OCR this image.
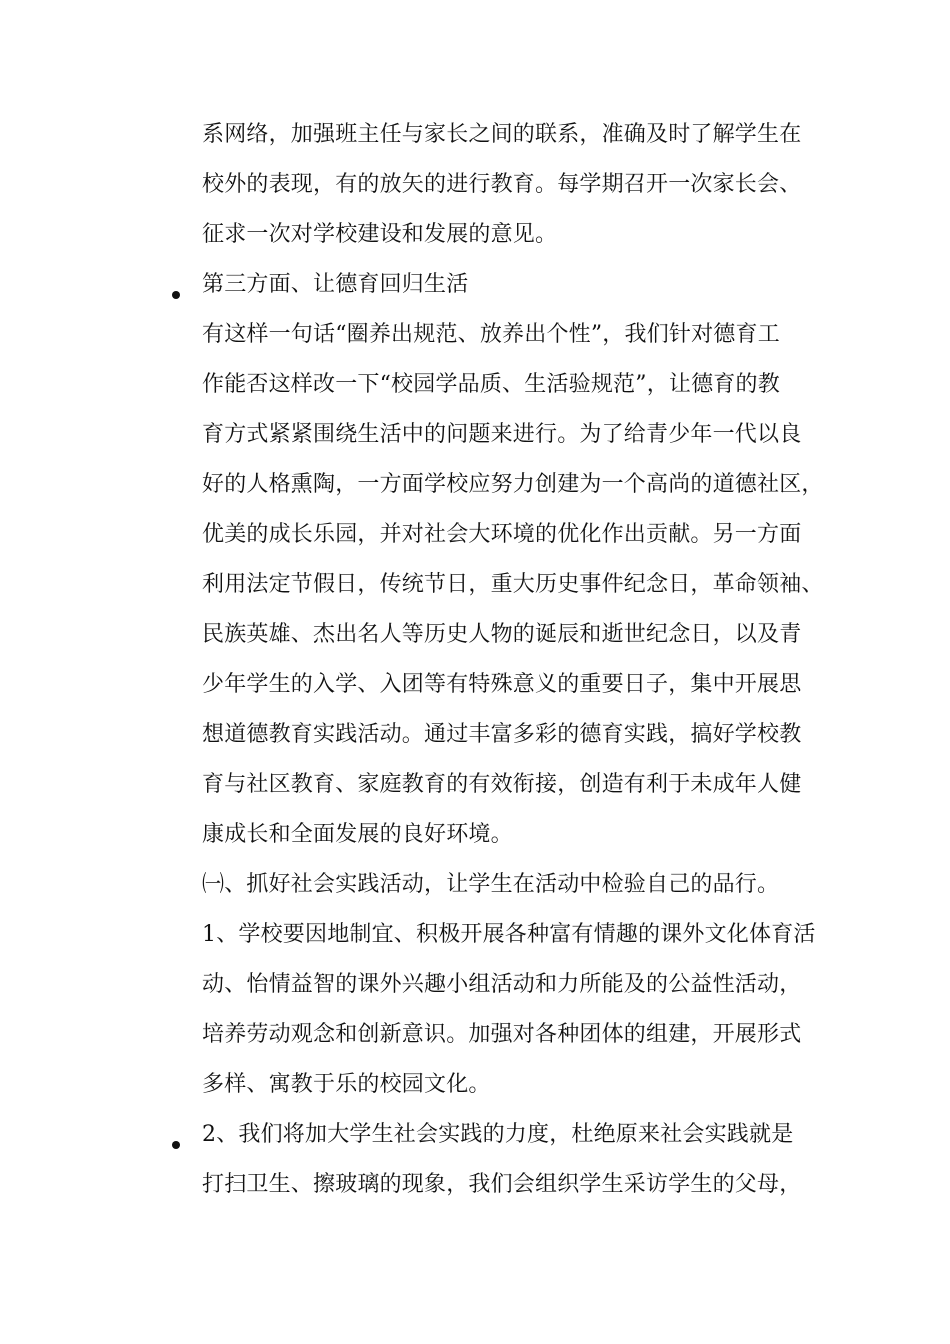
系网络，加强班主任与家长之间的联系，准确及时了解学生在
校外的表现，有的放矢的进行教育。每学期召开一次家长会、
征求一次对学校建设和发展的意见。
第三方面、让德育回归生活
有这样一句话“圈养出规范、放养出个性”，我们针对德育工
作能否这样改一下“校园学品质、生活验规范”，让德育的教
育方式紧紧围绕生活中的问题来进行。为了给青少年一代以良
好的人格熏陶，一方面学校应努力创建为一个高尚的道德社区，
优美的成长乐园，并对社会大环境的优化作出贡献。另一方面
利用法定节假日，传统节日，重大历史事件纪念日，革命领袖、
民族英雄、杰出名人等历史人物的诞辰和逝世纪念日，以及青
少年学生的入学、入团等有特殊意义的重要日子，集中开展思
想道德教育实践活动。通过丰富多彩的德育实践，搞好学校教
育与社区教育、家庭教育的有效衔接，创造有利于未成年人健
康成长和全面发展的良好环境。
㈠、抓好社会实践活动，让学生在活动中检验自己的品行。
1、学校要因地制宜、积极开展各种富有情趣的课外文化体育活
动、怡情益智的课外兴趣小组活动和力所能及的公益性活动，
培养劳动观念和创新意识。加强对各种团体的组建，开展形式
多样、寓教于乐的校园文化。
2、我们将加大学生社会实践的力度，杜绝原来社会实践就是
打扫卫生、擦玻璃的现象，我们会组织学生采访学生的父母，
